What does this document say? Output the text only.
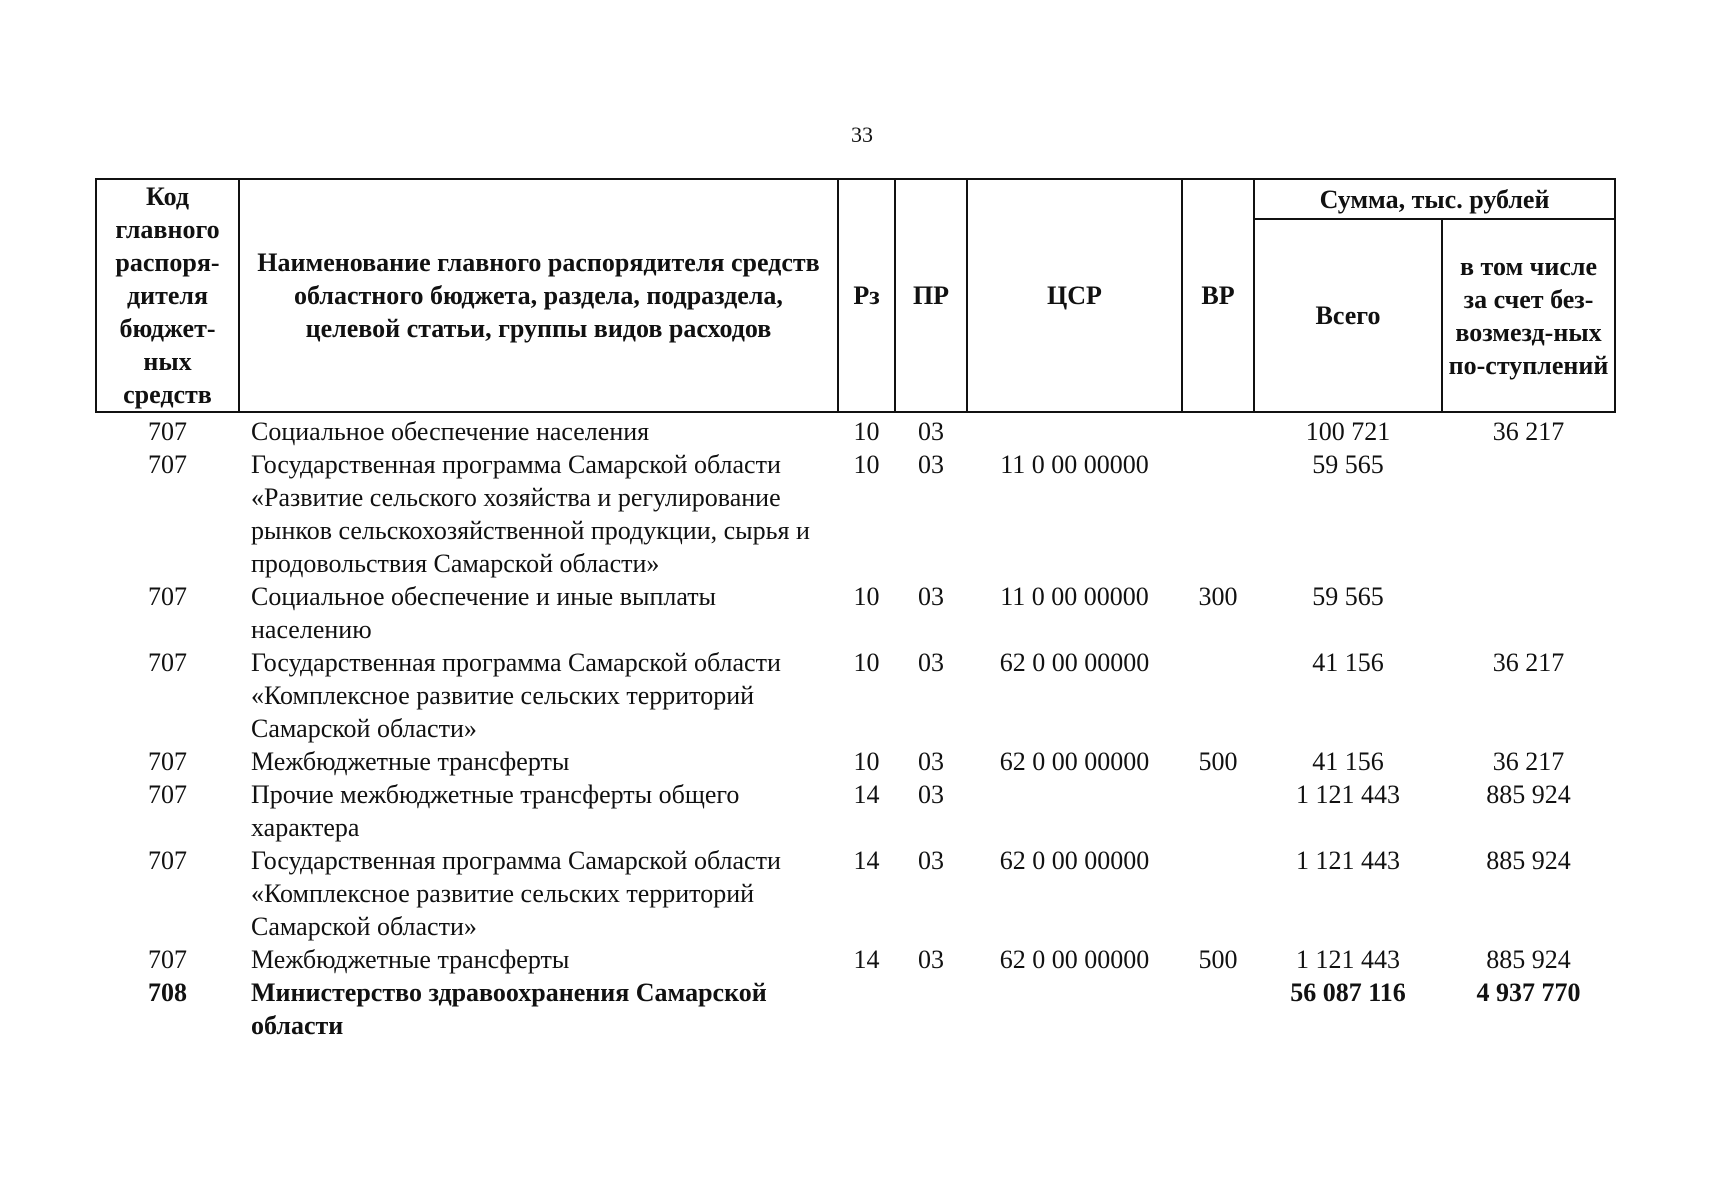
33
Код главного распоря-дителя бюджет-ных средств	Наименование главного распорядителя средств областного бюджета, раздела, подраздела, целевой статьи, группы видов расходов	Рз	ПР	ЦСР	ВР	Сумма, тыс. рублей	
						Всего	в том числе за счет без-возмезд-ных по-ступлений
707	Социальное обеспечение населения	10	03			100 721	36 217
707	Государственная программа Самарской области «Развитие сельского хозяйства и регулирование рынков сельскохозяйственной продукции, сырья и продовольствия Самарской области»	10	03	11 0 00 00000		59 565	
707	Социальное обеспечение и иные выплаты населению	10	03	11 0 00 00000	300	59 565	
707	Государственная программа Самарской области «Комплексное развитие сельских территорий Самарской области»	10	03	62 0 00 00000		41 156	36 217
707	Межбюджетные трансферты	10	03	62 0 00 00000	500	41 156	36 217
707	Прочие межбюджетные трансферты общего характера	14	03			1 121 443	885 924
707	Государственная программа Самарской области «Комплексное развитие сельских территорий Самарской области»	14	03	62 0 00 00000		1 121 443	885 924
707	Межбюджетные трансферты	14	03	62 0 00 00000	500	1 121 443	885 924
708	Министерство здравоохранения Самарской области					56 087 116	4 937 770
